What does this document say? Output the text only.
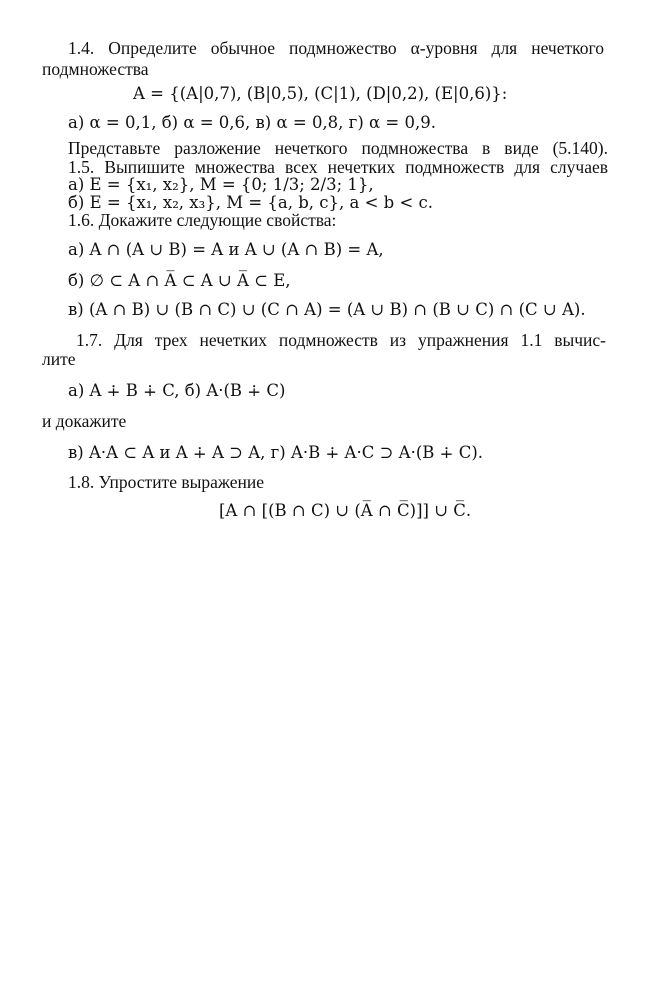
1.4. Определите обычное подмножество α-уровня для нечеткого
подмножества
A = {(A|0,7), (B|0,5), (C|1), (D|0,2), (E|0,6)}:
а) α = 0,1, б) α = 0,6, в) α = 0,8, г) α = 0,9.
Представьте разложение нечеткого подмножества в виде (5.140).
1.5. Выпишите множества всех нечетких подмножеств для случаев
а) E = {x₁, x₂}, M = {0; 1/3; 2/3; 1},
б) E = {x₁, x₂, x₃}, M = {a, b, c}, a < b < c.
1.6. Докажите следующие свойства:
а) A ∩ (A ∪ B) = A и A ∪ (A ∩ B) = A,
б) ∅ ⊂ A ∩ A̅ ⊂ A ∪ A̅ ⊂ E,
в) (A ∩ B) ∪ (B ∩ C) ∪ (C ∩ A) = (A ∪ B) ∩ (B ∪ C) ∩ (C ∪ A).
1.7. Для трех нечетких подмножеств из упражнения 1.1 вычис-
лите
а) A ∔ B ∔ C, б) A·(B ∔ C)
и докажите
в) A·A ⊂ A и A ∔ A ⊃ A, г) A·B ∔ A·C ⊃ A·(B ∔ C).
1.8. Упростите выражение
[A ∩ [(B ∩ C) ∪ (A̅ ∩ C̅)]] ∪ C̅.
